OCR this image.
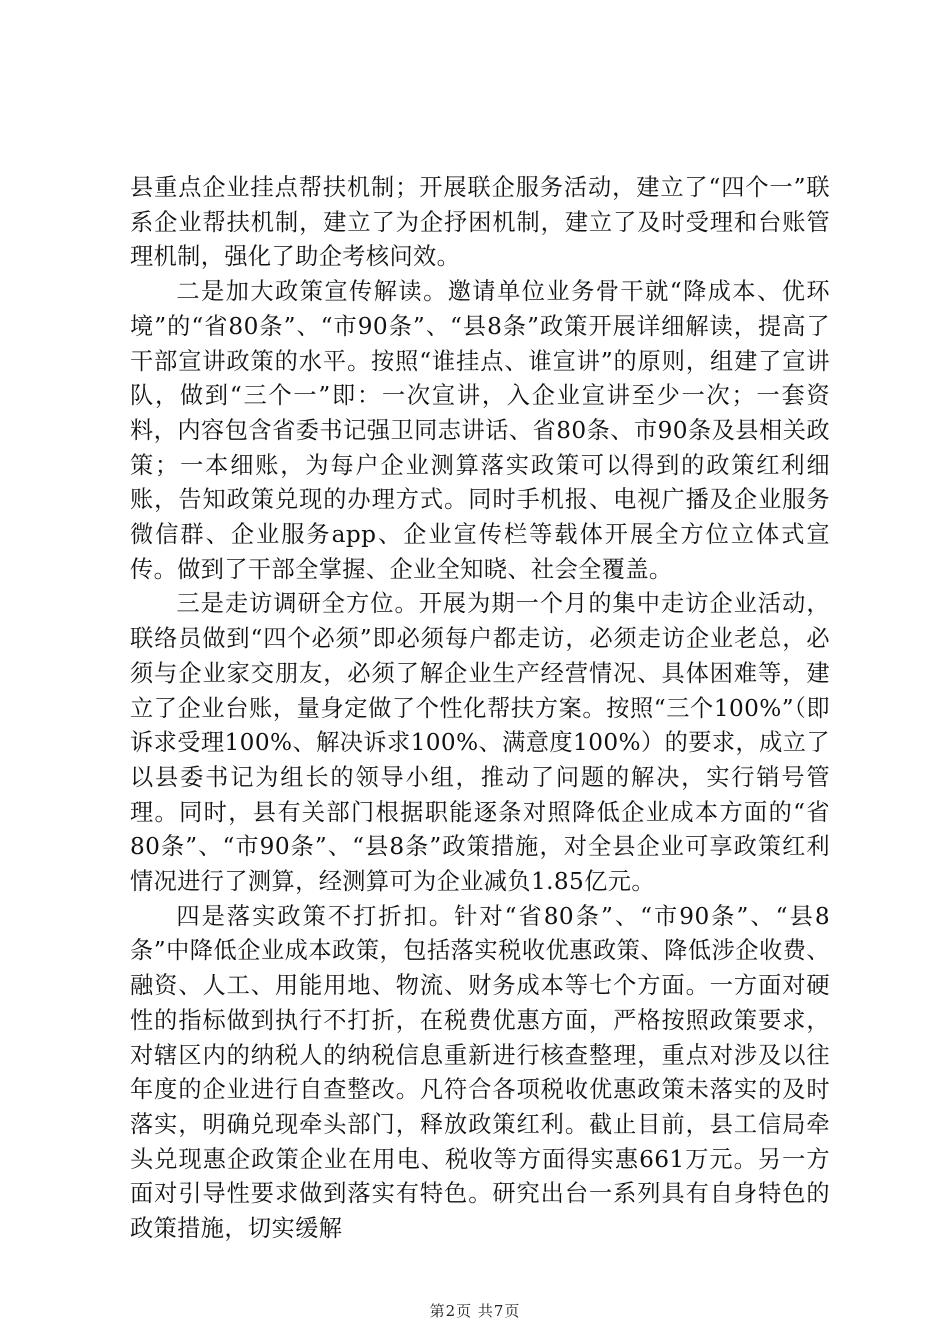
县重点企业挂点帮扶机制；开展联企服务活动，建立了“四个一”联系企业帮扶机制，建立了为企抒困机制，建立了及时受理和台账管理机制，强化了助企考核问效。

二是加大政策宣传解读。邀请单位业务骨干就“降成本、优环境”的“省80条”、“市90条”、“县8条”政策开展详细解读，提高了干部宣讲政策的水平。按照“谁挂点、谁宣讲”的原则，组建了宣讲队，做到“三个一”即：一次宣讲，入企业宣讲至少一次；一套资料，内容包含省委书记强卫同志讲话、省80条、市90条及县相关政策；一本细账，为每户企业测算落实政策可以得到的政策红利细账，告知政策兑现的办理方式。同时手机报、电视广播及企业服务微信群、企业服务app、企业宣传栏等载体开展全方位立体式宣传。做到了干部全掌握、企业全知晓、社会全覆盖。

三是走访调研全方位。开展为期一个月的集中走访企业活动，联络员做到“四个必须”即必须每户都走访，必须走访企业老总，必须与企业家交朋友，必须了解企业生产经营情况、具体困难等，建立了企业台账，量身定做了个性化帮扶方案。按照“三个100%”（即诉求受理100%、解决诉求100%、满意度100%）的要求，成立了以县委书记为组长的领导小组，推动了问题的解决，实行销号管理。同时，县有关部门根据职能逐条对照降低企业成本方面的“省80条”、“市90条”、“县8条”政策措施，对全县企业可享政策红利情况进行了测算，经测算可为企业减负1.85亿元。

四是落实政策不打折扣。针对“省80条”、“市90条”、“县8条”中降低企业成本政策，包括落实税收优惠政策、降低涉企收费、融资、人工、用能用地、物流、财务成本等七个方面。一方面对硬性的指标做到执行不打折，在税费优惠方面，严格按照政策要求，对辖区内的纳税人的纳税信息重新进行核查整理，重点对涉及以往年度的企业进行自查整改。凡符合各项税收优惠政策未落实的及时落实，明确兑现牵头部门，释放政策红利。截止目前，县工信局牵头兑现惠企政策企业在用电、税收等方面得实惠661万元。另一方面对引导性要求做到落实有特色。研究出台一系列具有自身特色的政策措施，切实缓解

第2页 共7页
